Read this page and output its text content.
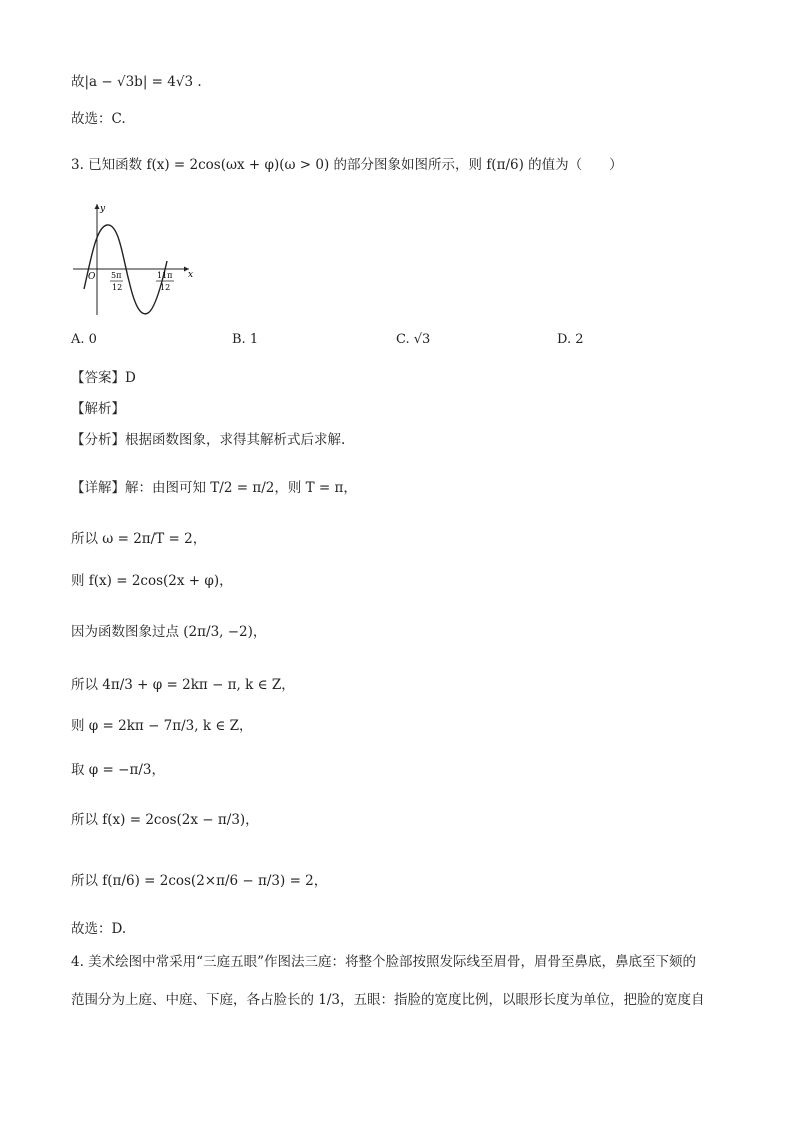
故|a − √3b| = 4√3 .
故选：C.
3. 已知函数 f(x) = 2cos(ωx + φ)(ω > 0) 的部分图象如图所示，则 f(π/6) 的值为（　　）
y
x
O 5π
12
11π
12
A. 0	B. 1	C. √3	D. 2
【答案】D
【解析】
【分析】根据函数图象，求得其解析式后求解.
【详解】解：由图可知 T/2 = π/2，则 T = π，
所以 ω = 2π/T = 2，
则 f(x) = 2cos(2x + φ)，
因为函数图象过点 (2π/3, −2)，
所以 4π/3 + φ = 2kπ − π, k ∈ Z，
则 φ = 2kπ − 7π/3, k ∈ Z，
取 φ = −π/3，
所以 f(x) = 2cos(2x − π/3)，
所以 f(π/6) = 2cos(2×π/6 − π/3) = 2，
故选：D.
4. 美术绘图中常采用“三庭五眼”作图法三庭：将整个脸部按照发际线至眉骨，眉骨至鼻底，鼻底至下颏的
范围分为上庭、中庭、下庭，各占脸长的 1/3，五眼：指脸的宽度比例，以眼形长度为单位，把脸的宽度自
